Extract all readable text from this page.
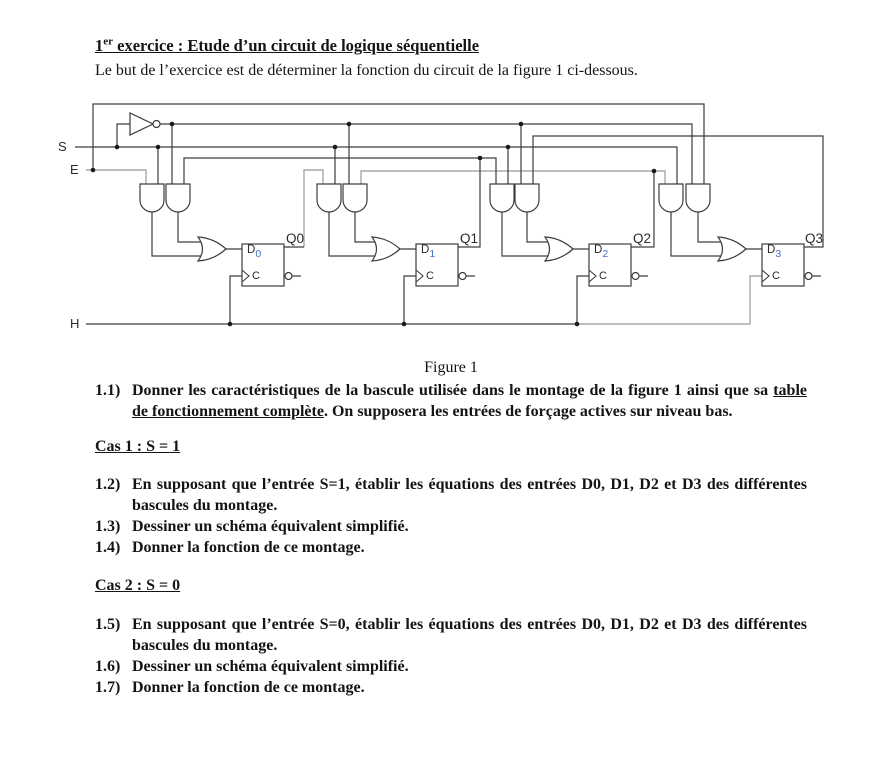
1er exercice : Etude d’un circuit de logique séquentielle
Le but de l’exercice est de déterminer la fonction du circuit de la figure 1 ci-dessous.
S
E
H
Q0	Q1	Q2	Q3
$D_0$	$D_1$	$D_2$	$D_3$
C	C	C	C
Figure 1
1.1) Donner les caractéristiques de la bascule utilisée dans le montage de la figure 1 ainsi que sa table de fonctionnement complète. On supposera les entrées de forçage actives sur niveau bas.
Cas 1 : S = 1
1.2) En supposant que l’entrée S=1, établir les équations des entrées D0, D1, D2 et D3 des différentes bascules du montage.
1.3) Dessiner un schéma équivalent simplifié.
1.4) Donner la fonction de ce montage.
Cas 2 : S = 0
1.5) En supposant que l’entrée S=0, établir les équations des entrées D0, D1, D2 et D3 des différentes bascules du montage.
1.6) Dessiner un schéma équivalent simplifié.
1.7) Donner la fonction de ce montage.
